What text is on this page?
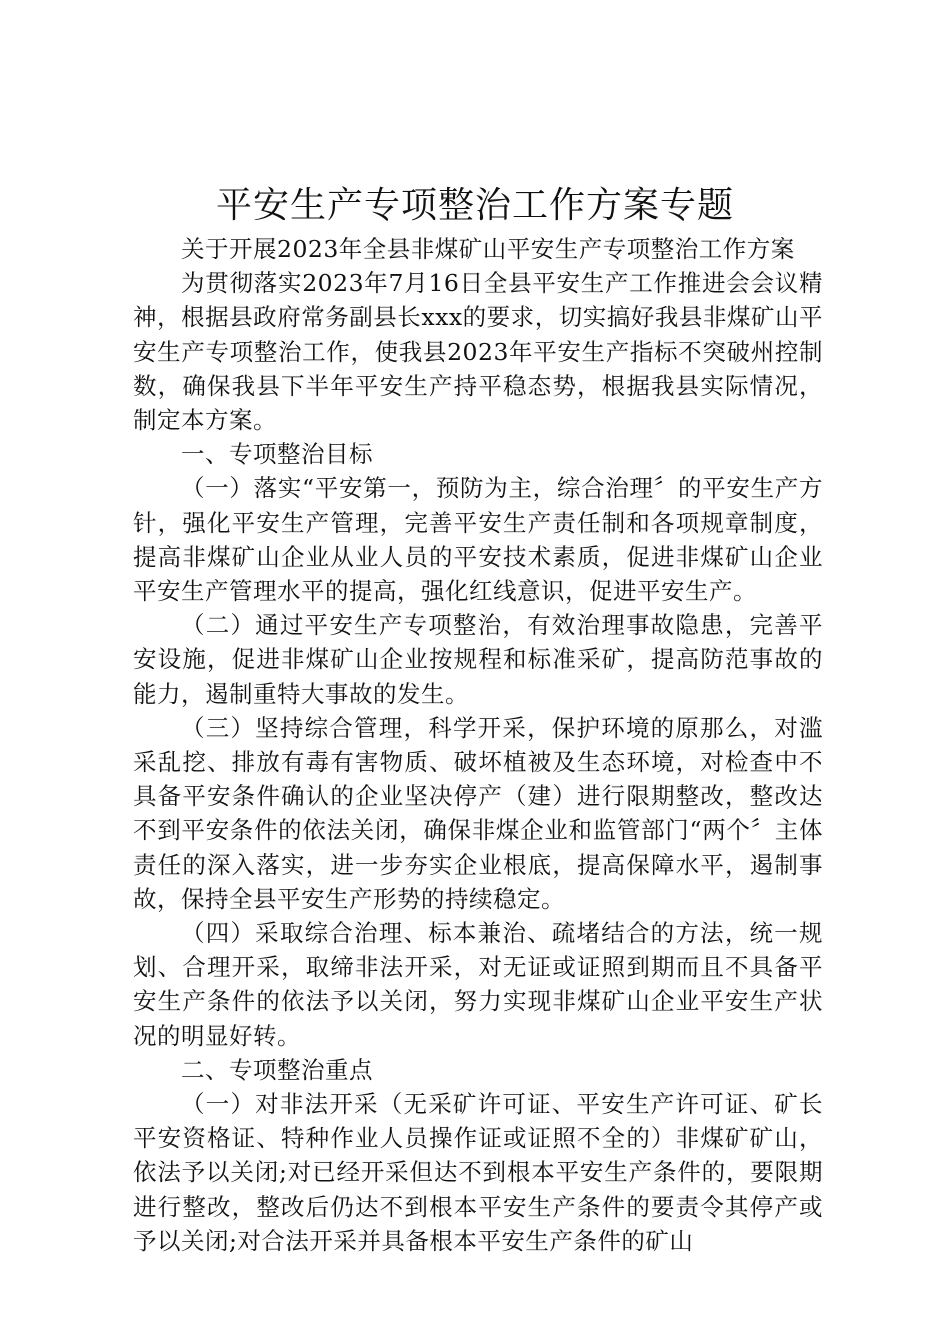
平安生产专项整治工作方案专题

关于开展2023年全县非煤矿山平安生产专项整治工作方案

为贯彻落实2023年7月16日全县平安生产工作推进会会议精神，根据县政府常务副县长xxx的要求，切实搞好我县非煤矿山平安生产专项整治工作，使我县2023年平安生产指标不突破州控制数，确保我县下半年平安生产持平稳态势，根据我县实际情况，制定本方案。

一、专项整治目标

（一）落实“平安第一，预防为主，综合治理〞的平安生产方针，强化平安生产管理，完善平安生产责任制和各项规章制度，提高非煤矿山企业从业人员的平安技术素质，促进非煤矿山企业平安生产管理水平的提高，强化红线意识，促进平安生产。

（二）通过平安生产专项整治，有效治理事故隐患，完善平安设施，促进非煤矿山企业按规程和标准采矿，提高防范事故的能力，遏制重特大事故的发生。

（三）坚持综合管理，科学开采，保护环境的原那么，对滥采乱挖、排放有毒有害物质、破坏植被及生态环境，对检查中不具备平安条件确认的企业坚决停产（建）进行限期整改，整改达不到平安条件的依法关闭，确保非煤企业和监管部门“两个〞主体责任的深入落实，进一步夯实企业根底，提高保障水平，遏制事故，保持全县平安生产形势的持续稳定。

（四）采取综合治理、标本兼治、疏堵结合的方法，统一规划、合理开采，取缔非法开采，对无证或证照到期而且不具备平安生产条件的依法予以关闭，努力实现非煤矿山企业平安生产状况的明显好转。

二、专项整治重点

（一）对非法开采（无采矿许可证、平安生产许可证、矿长平安资格证、特种作业人员操作证或证照不全的）非煤矿矿山，依法予以关闭;对已经开采但达不到根本平安生产条件的，要限期进行整改，整改后仍达不到根本平安生产条件的要责令其停产或予以关闭;对合法开采并具备根本平安生产条件的矿山
